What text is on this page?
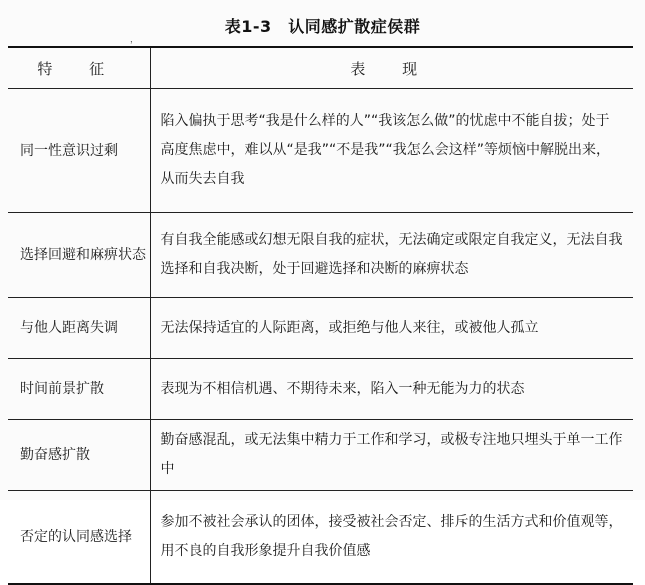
表1-3　认同感扩散症侯群
，
特 征	表 现
同一性意识过剩	陷入偏执于思考“我是什么样的人”“我该怎么做”的忧虑中不能自拔；处于高度焦虑中，难以从“是我”“不是我”“我怎么会这样”等烦恼中解脱出来，从而失去自我
选择回避和麻痹状态	有自我全能感或幻想无限自我的症状，无法确定或限定自我定义，无法自我选择和自我决断，处于回避选择和决断的麻痹状态
与他人距离失调	无法保持适宜的人际距离，或拒绝与他人来往，或被他人孤立
时间前景扩散	表现为不相信机遇、不期待未来，陷入一种无能为力的状态
勤奋感扩散	勤奋感混乱，或无法集中精力于工作和学习，或极专注地只埋头于单一工作中
否定的认同感选择	参加不被社会承认的团体，接受被社会否定、排斥的生活方式和价值观等，用不良的自我形象提升自我价值感
